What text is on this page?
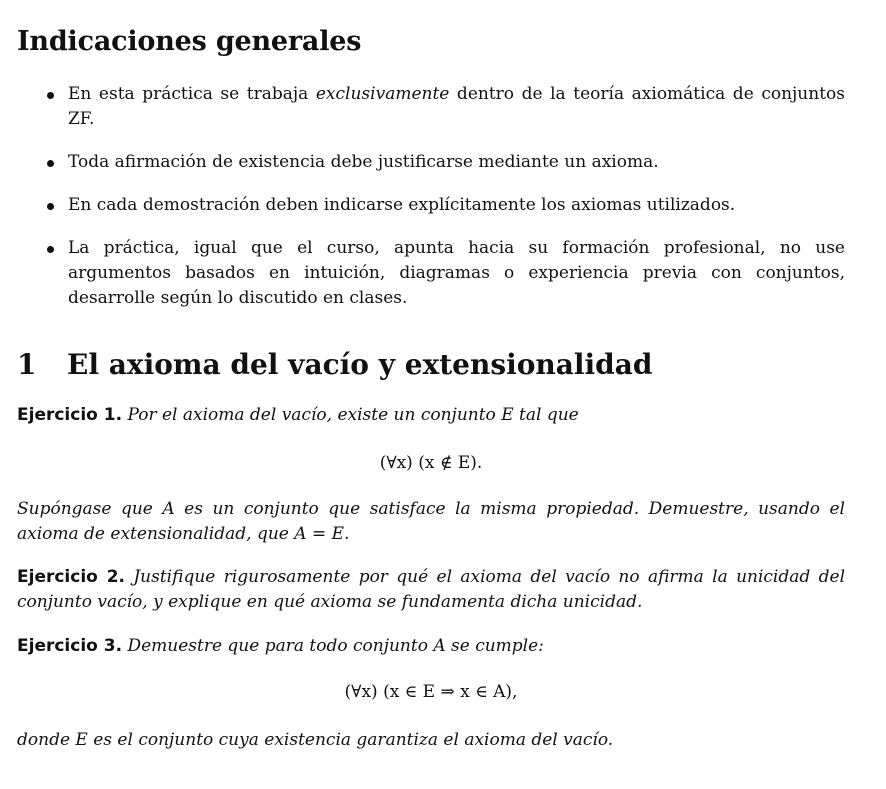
Indicaciones generales
En esta práctica se trabaja exclusivamente dentro de la teoría axiomática de conjuntos ZF.
Toda afirmación de existencia debe justificarse mediante un axioma.
En cada demostración deben indicarse explícitamente los axiomas utilizados.
La práctica, igual que el curso, apunta hacia su formación profesional, no use argumentos basados en intuición, diagramas o experiencia previa con conjuntos, desarrolle según lo discutido en clases.
1 El axioma del vacío y extensionalidad
Ejercicio 1. Por el axioma del vacío, existe un conjunto E tal que
(∀x) (x ∉ E).
Supóngase que A es un conjunto que satisface la misma propiedad. Demuestre, usando el axioma de extensionalidad, que A = E.
Ejercicio 2. Justifique rigurosamente por qué el axioma del vacío no afirma la unicidad del conjunto vacío, y explique en qué axioma se fundamenta dicha unicidad.
Ejercicio 3. Demuestre que para todo conjunto A se cumple:
(∀x) (x ∈ E ⇒ x ∈ A),
donde E es el conjunto cuya existencia garantiza el axioma del vacío.
